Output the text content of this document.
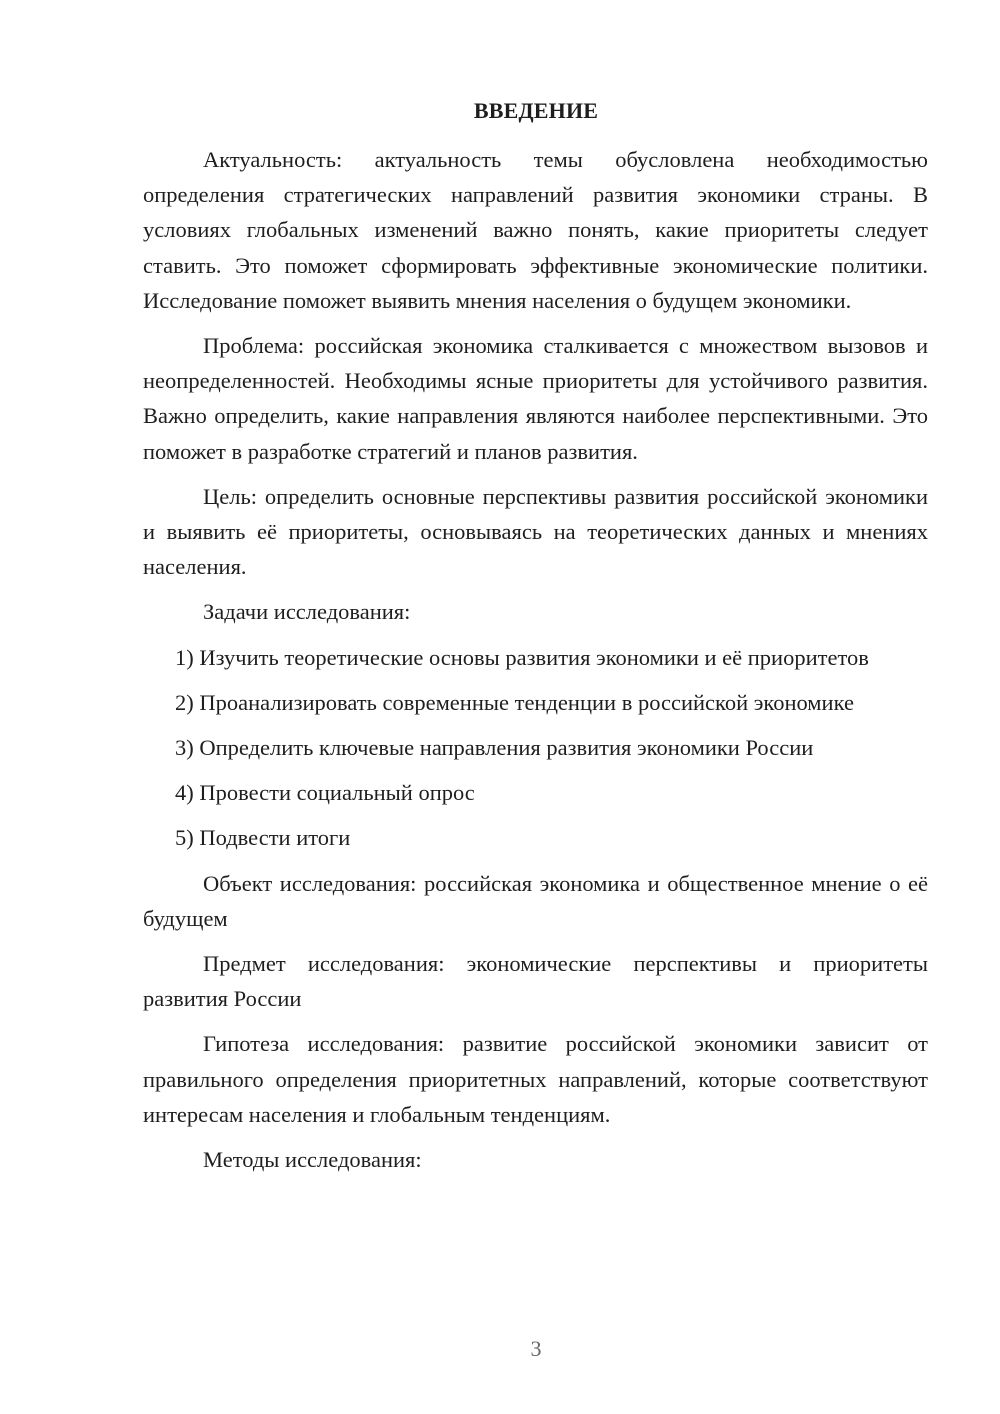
ВВЕДЕНИЕ

Актуальность: актуальность темы обусловлена необходимостью определения стратегических направлений развития экономики страны. В условиях глобальных изменений важно понять, какие приоритеты следует ставить. Это поможет сформировать эффективные экономические политики. Исследование поможет выявить мнения населения о будущем экономики.

Проблема: российская экономика сталкивается с множеством вызовов и неопределенностей. Необходимы ясные приоритеты для устойчивого развития. Важно определить, какие направления являются наиболее перспективными. Это поможет в разработке стратегий и планов развития.

Цель: определить основные перспективы развития российской экономики и выявить её приоритеты, основываясь на теоретических данных и мнениях населения.

Задачи исследования:

1) Изучить теоретические основы развития экономики и её приоритетов

2) Проанализировать современные тенденции в российской экономике

3) Определить ключевые направления развития экономики России

4) Провести социальный опрос

5) Подвести итоги

Объект исследования: российская экономика и общественное мнение о её будущем

Предмет исследования: экономические перспективы и приоритеты развития России

Гипотеза исследования: развитие российской экономики зависит от правильного определения приоритетных направлений, которые соответствуют интересам населения и глобальным тенденциям.

Методы исследования:

3
